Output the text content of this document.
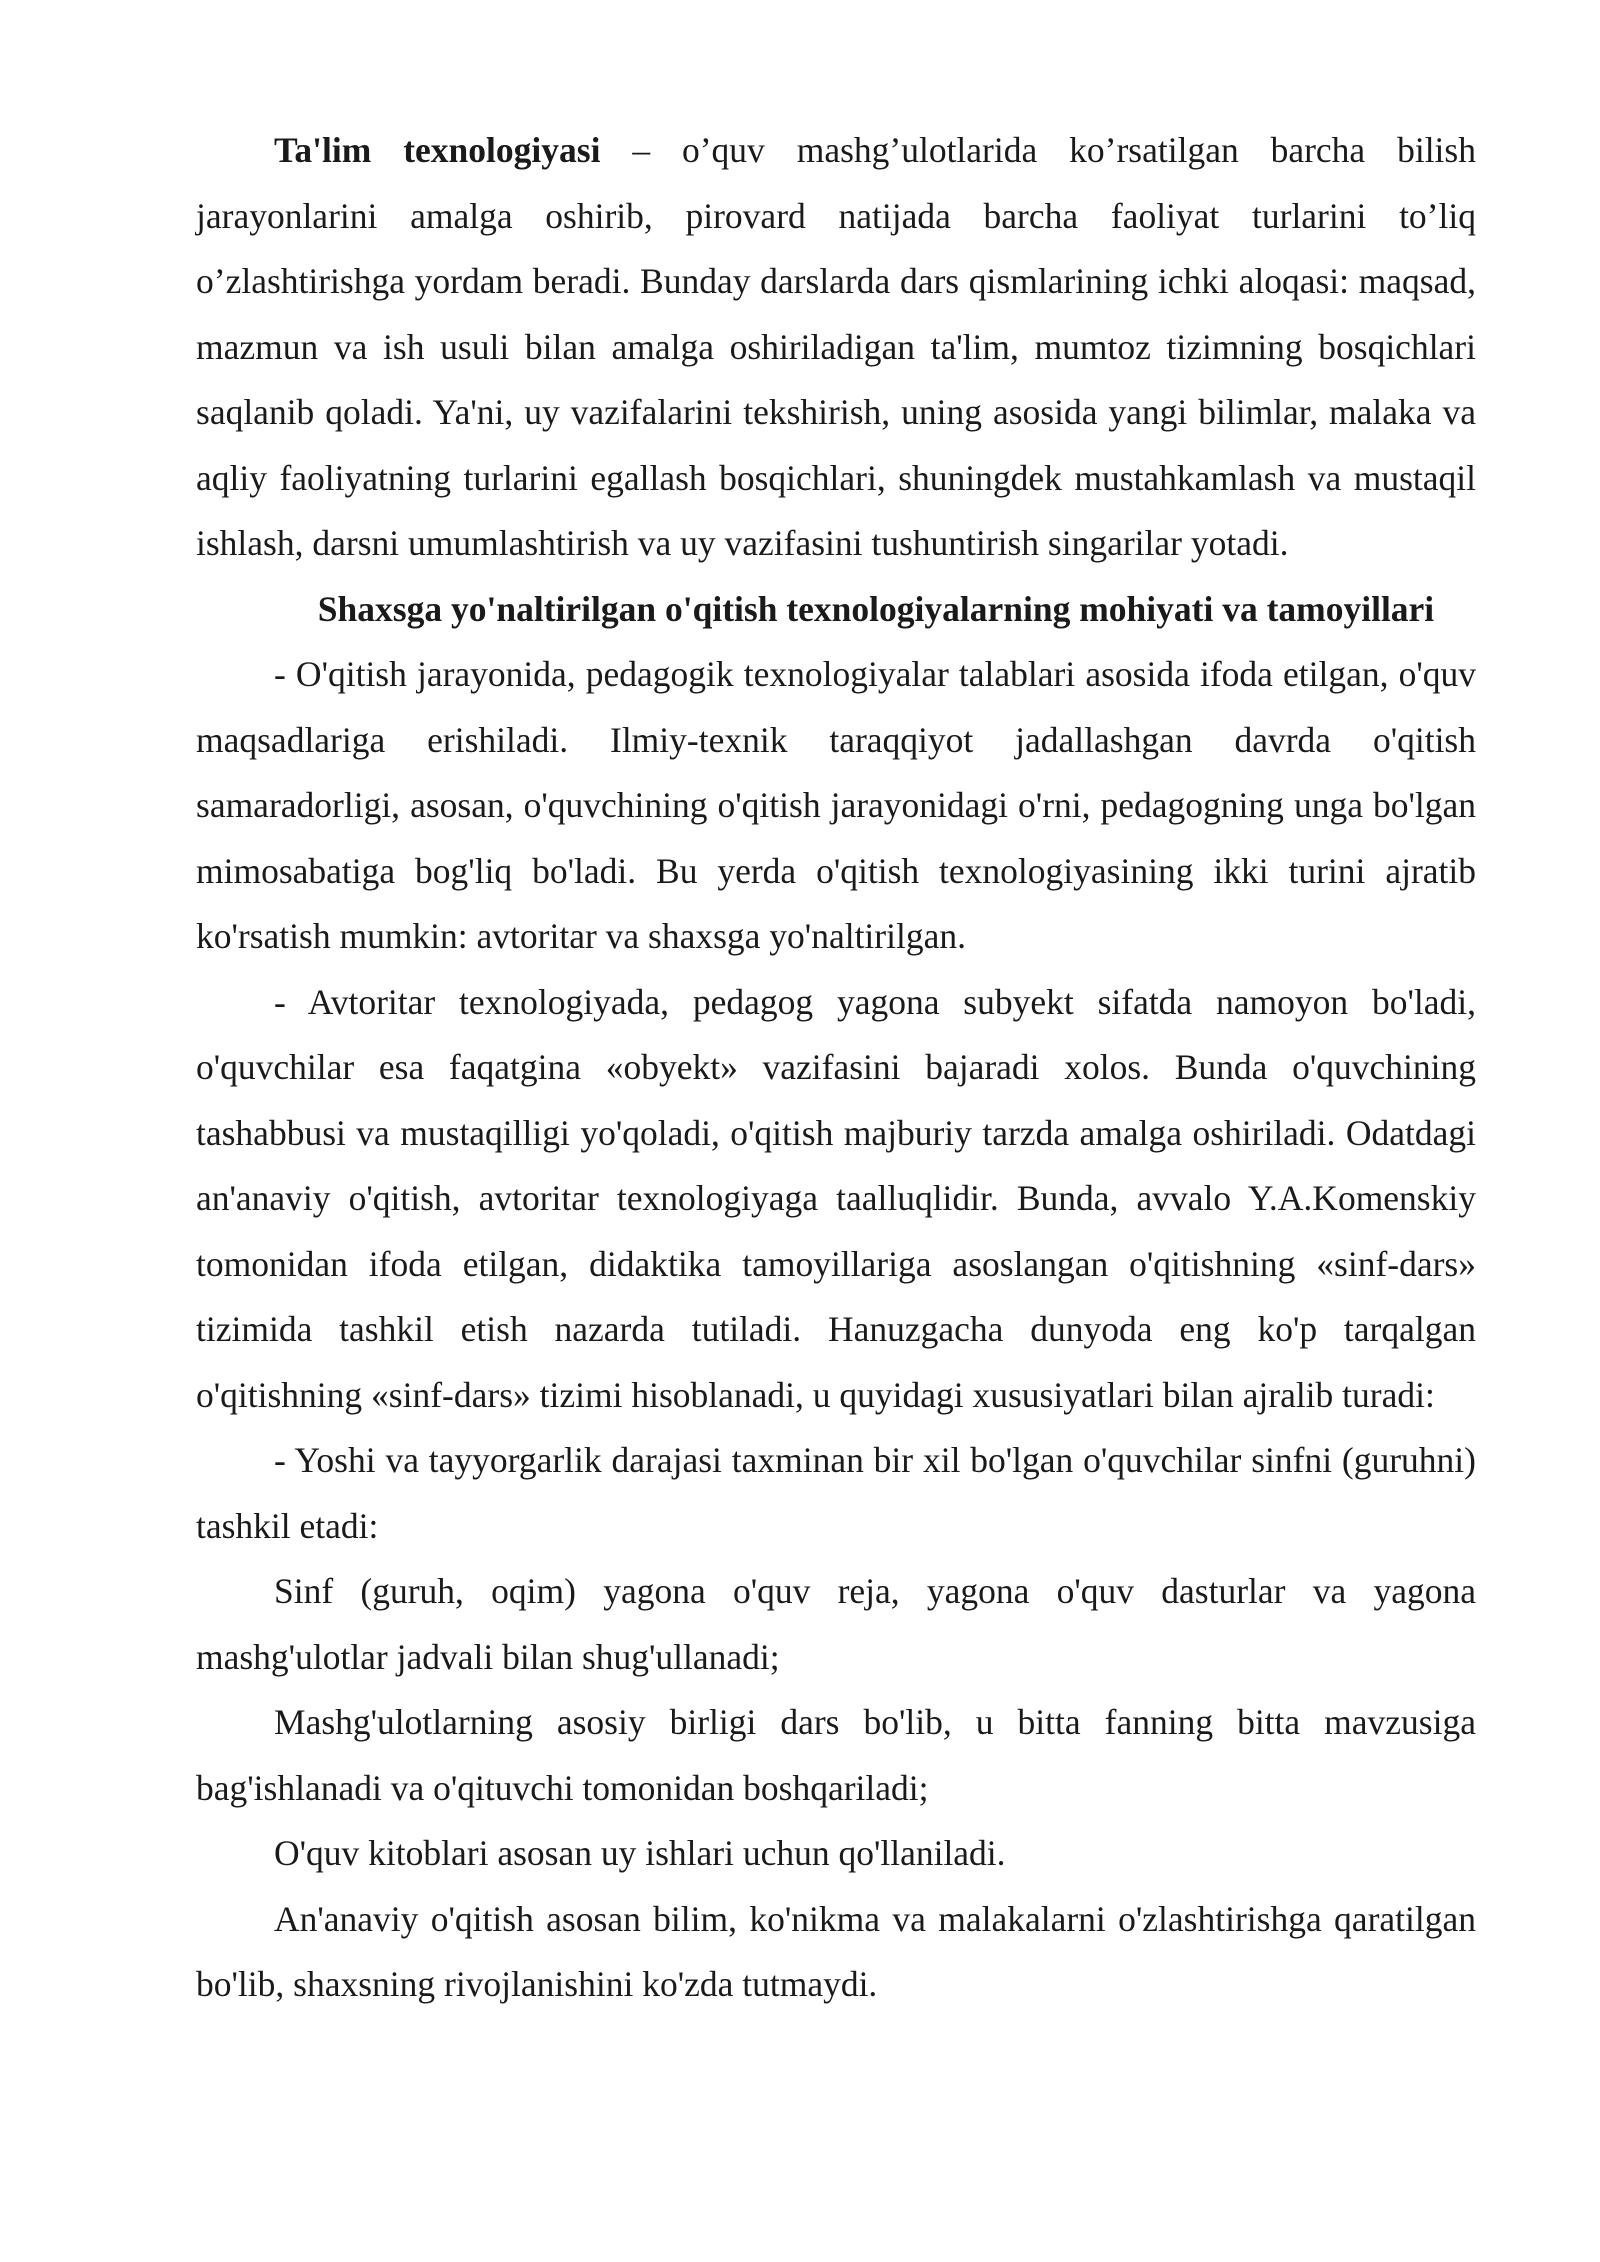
Ta'lim texnologiyasi – o’quv mashg’ulotlarida ko’rsatilgan barcha bilish jarayonlarini amalga oshirib, pirovard natijada barcha faoliyat turlarini to’liq o’zlashtirishga yordam beradi. Bunday darslarda dars qismlarining ichki aloqasi: maqsad, mazmun va ish usuli bilan amalga oshiriladigan ta'lim, mumtoz tizimning bosqichlari saqlanib qoladi. Ya'ni, uy vazifalarini tekshirish, uning asosida yangi bilimlar, malaka va aqliy faoliyatning turlarini egallash bosqichlari, shuningdek mustahkamlash va mustaqil ishlash, darsni umumlashtirish va uy vazifasini tushuntirish singarilar yotadi.

Shaxsga yo'naltirilgan o'qitish texnologiyalarning mohiyati va tamoyillari

- O'qitish jarayonida, pedagogik texnologiyalar talablari asosida ifoda etilgan, o'quv maqsadlariga erishiladi. Ilmiy-texnik taraqqiyot jadallashgan davrda o'qitish samaradorligi, asosan, o'quvchining o'qitish jarayonidagi o'rni, pedagogning unga bo'lgan mimosabatiga bog'liq bo'ladi. Bu yerda o'qitish texnologiyasining ikki turini ajratib ko'rsatish mumkin: avtoritar va shaxsga yo'naltirilgan.

- Avtoritar texnologiyada, pedagog yagona subyekt sifatda namoyon bo'ladi, o'quvchilar esa faqatgina «obyekt» vazifasini bajaradi xolos. Bunda o'quvchining tashabbusi va mustaqilligi yo'qoladi, o'qitish majburiy tarzda amalga oshiriladi. Odatdagi an'anaviy o'qitish, avtoritar texnologiyaga taalluqlidir. Bunda, avvalo Y.A.Komenskiy tomonidan ifoda etilgan, didaktika tamoyillariga asoslangan o'qitishning «sinf-dars» tizimida tashkil etish nazarda tutiladi. Hanuzgacha dunyoda eng ko'p tarqalgan o'qitishning «sinf-dars» tizimi hisoblanadi, u quyidagi xususiyatlari bilan ajralib turadi:

- Yoshi va tayyorgarlik darajasi taxminan bir xil bo'lgan o'quvchilar sinfni (guruhni) tashkil etadi:

Sinf (guruh, oqim) yagona o'quv reja, yagona o'quv dasturlar va yagona mashg'ulotlar jadvali bilan shug'ullanadi;

Mashg'ulotlarning asosiy birligi dars bo'lib, u bitta fanning bitta mavzusiga bag'ishlanadi va o'qituvchi tomonidan boshqariladi;

O'quv kitoblari asosan uy ishlari uchun qo'llaniladi.

An'anaviy o'qitish asosan bilim, ko'nikma va malakalarni o'zlashtirishga qaratilgan bo'lib, shaxsning rivojlanishini ko'zda tutmaydi.
